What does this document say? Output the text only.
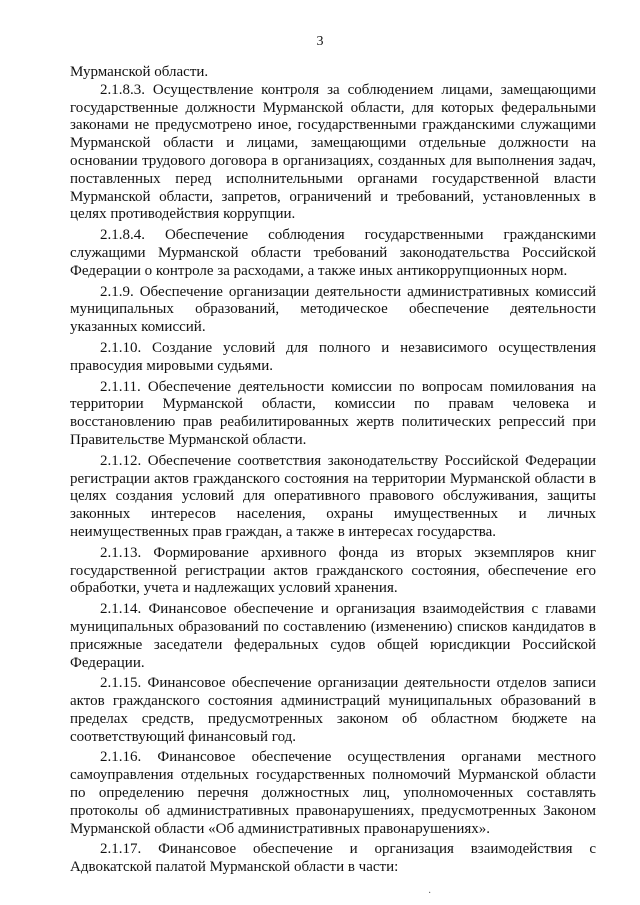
3

Мурманской области.

2.1.8.3. Осуществление контроля за соблюдением лицами, замещающими государственные должности Мурманской области, для которых федеральными законами не предусмотрено иное, государственными гражданскими служащими Мурманской области и лицами, замещающими отдельные должности на основании трудового договора в организациях, созданных для выполнения задач, поставленных перед исполнительными органами государственной власти Мурманской области, запретов, ограничений и требований, установленных в целях противодействия коррупции.

2.1.8.4. Обеспечение соблюдения государственными гражданскими служащими Мурманской области требований законодательства Российской Федерации о контроле за расходами, а также иных антикоррупционных норм.

2.1.9. Обеспечение организации деятельности административных комиссий муниципальных образований, методическое обеспечение деятельности указанных комиссий.

2.1.10. Создание условий для полного и независимого осуществления правосудия мировыми судьями.

2.1.11. Обеспечение деятельности комиссии по вопросам помилования на территории Мурманской области, комиссии по правам человека и восстановлению прав реабилитированных жертв политических репрессий при Правительстве Мурманской области.

2.1.12. Обеспечение соответствия законодательству Российской Федерации регистрации актов гражданского состояния на территории Мурманской области в целях создания условий для оперативного правового обслуживания, защиты законных интересов населения, охраны имущественных и личных неимущественных прав граждан, а также в интересах государства.

2.1.13. Формирование архивного фонда из вторых экземпляров книг государственной регистрации актов гражданского состояния, обеспечение его обработки, учета и надлежащих условий хранения.

2.1.14. Финансовое обеспечение и организация взаимодействия с главами муниципальных образований по составлению (изменению) списков кандидатов в присяжные заседатели федеральных судов общей юрисдикции Российской Федерации.

2.1.15. Финансовое обеспечение организации деятельности отделов записи актов гражданского состояния администраций муниципальных образований в пределах средств, предусмотренных законом об областном бюджете на соответствующий финансовый год.

2.1.16. Финансовое обеспечение осуществления органами местного самоуправления отдельных государственных полномочий Мурманской области по определению перечня должностных лиц, уполномоченных составлять протоколы об административных правонарушениях, предусмотренных Законом Мурманской области «Об административных правонарушениях».

2.1.17. Финансовое обеспечение и организация взаимодействия с Адвокатской палатой Мурманской области в части:

·
